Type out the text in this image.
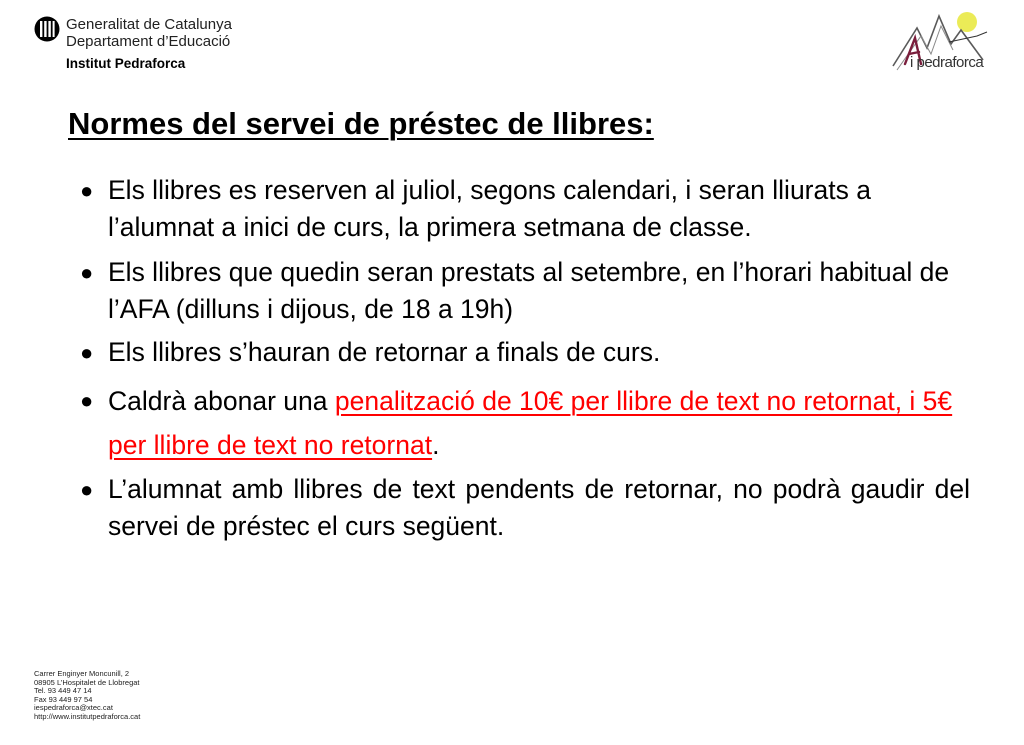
Generalitat de Catalunya
Departament d’Educació
Institut Pedraforca	i pedraforca
Normes del servei de préstec de llibres:
● Els llibres es reserven al juliol, segons calendari, i seran lliurats a l’alumnat a inici de curs, la primera setmana de classe.
● Els llibres que quedin seran prestats al setembre, en l’horari habitual de l’AFA (dilluns i dijous, de 18 a 19h)
● Els llibres s’hauran de retornar a finals de curs.
● Caldrà abonar una penalització de 10€ per llibre de text no retornat, i 5€ per llibre de text no retornat.
● L’alumnat amb llibres de text pendents de retornar, no podrà gaudir del servei de préstec el curs següent.
Carrer Enginyer Moncunill, 2
08905 L’Hospitalet de Llobregat
Tel. 93 449 47 14
Fax 93 449 97 54
iespedraforca@xtec.cat
http://www.institutpedraforca.cat
